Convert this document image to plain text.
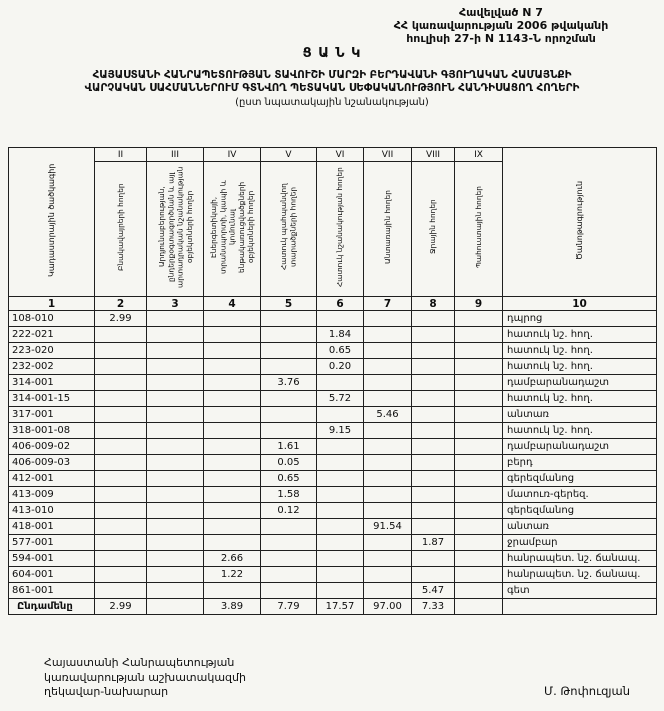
Հավելված N 7
ՀՀ կառավարության 2006 թվականի
հուլիսի 27-ի N 1143-Ն որոշման
Ց Ա Ն Կ
ՀԱՅԱՍՏԱՆԻ ՀԱՆՐԱՊԵՏՈՒԹՅԱՆ ՏԱՎՈՒՇԻ ՄԱՐԶԻ ԲԵՐԴԱՎԱՆԻ ԳՅՈՒՂԱԿԱՆ ՀԱՄԱՅՆՔԻ
ՎԱՐՉԱԿԱՆ ՍԱՀՄԱՆՆԵՐՈՒՄ ԳՏՆՎՈՂ ՊԵՏԱԿԱՆ ՍԵՓԱԿԱՆՈՒԹՅՈՒՆ ՀԱՆԴԻՍԱՑՈՂ ՀՈՂԵՐԻ
(ըստ նպատակային նշանակության)
Կադաստրային ծածկագիր	II	III	IV	V	VI	VII	VIII	IX	Ծանոթագրություն
	Բնակավայրերի հողեր	Արդյունաբերության, ընդերքօգտագործման և այլ արտադրական նշանակության օբյեկտների հողեր	Էներգետիկայի, տրանսպորտի, կապի և կոմունալ ենթակառուցվածքների օբյեկտների հողեր	Հատուկ պահպանվող տարածքների հողեր	Հատուկ նշանակության հողեր	Անտառային հողեր	Ջրային հողեր	Պահուստային հողեր	
1	2	3	4	5	6	7	8	9	10
108-010	2.99								դպրոց
222-021					1.84				հատուկ նշ. հող.
223-020					0.65				հատուկ նշ. հող.
232-002					0.20				հատուկ նշ. հող.
314-001				3.76					դամբարանադաշտ
314-001-15					5.72				հատուկ նշ. հող.
317-001						5.46			անտառ
318-001-08					9.15				հատուկ նշ. հող.
406-009-02				1.61					դամբարանադաշտ
406-009-03				0.05					բերդ
412-001				0.65					գերեզմանոց
413-009				1.58					մատուռ-գերեզ.
413-010				0.12					գերեզմանոց
418-001						91.54			անտառ
577-001							1.87		ջրամբար
594-001			2.66						հանրապետ. նշ. ճանապ.
604-001			1.22						հանրապետ. նշ. ճանապ.
861-001							5.47		գետ
Ընդամենը	2.99		3.89	7.79	17.57	97.00	7.33		
Հայաստանի Հանրապետության
կառավարության աշխատակազմի
ղեկավար-նախարար	Մ. Թոփուզյան
